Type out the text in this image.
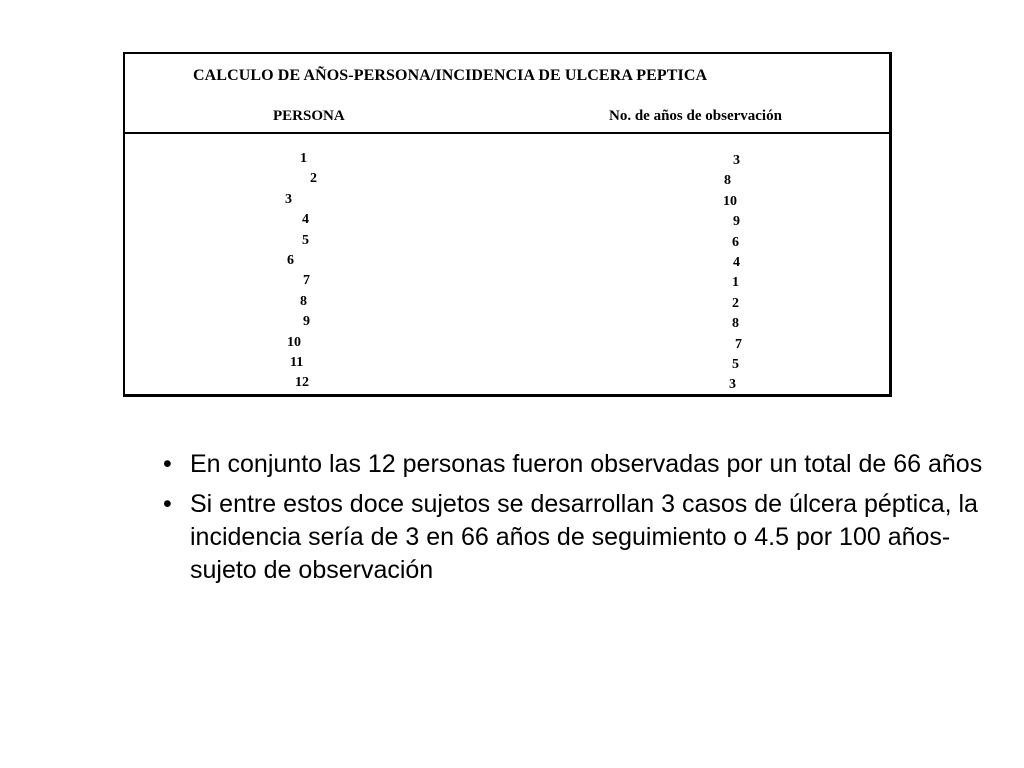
CALCULO DE AÑOS-PERSONA/INCIDENCIA DE ULCERA PEPTICA
PERSONA	No. de años de observación
1	3
2	8
3	10
4	9
5	6
6	4
7	1
8	2
9	8
10	7
11	5
12	3
• En conjunto las 12 personas fueron observadas por un total de 66 años
• Si entre estos doce sujetos se desarrollan 3 casos de úlcera péptica, la incidencia sería de 3 en 66 años de seguimiento o 4.5 por 100 años-sujeto de observación
